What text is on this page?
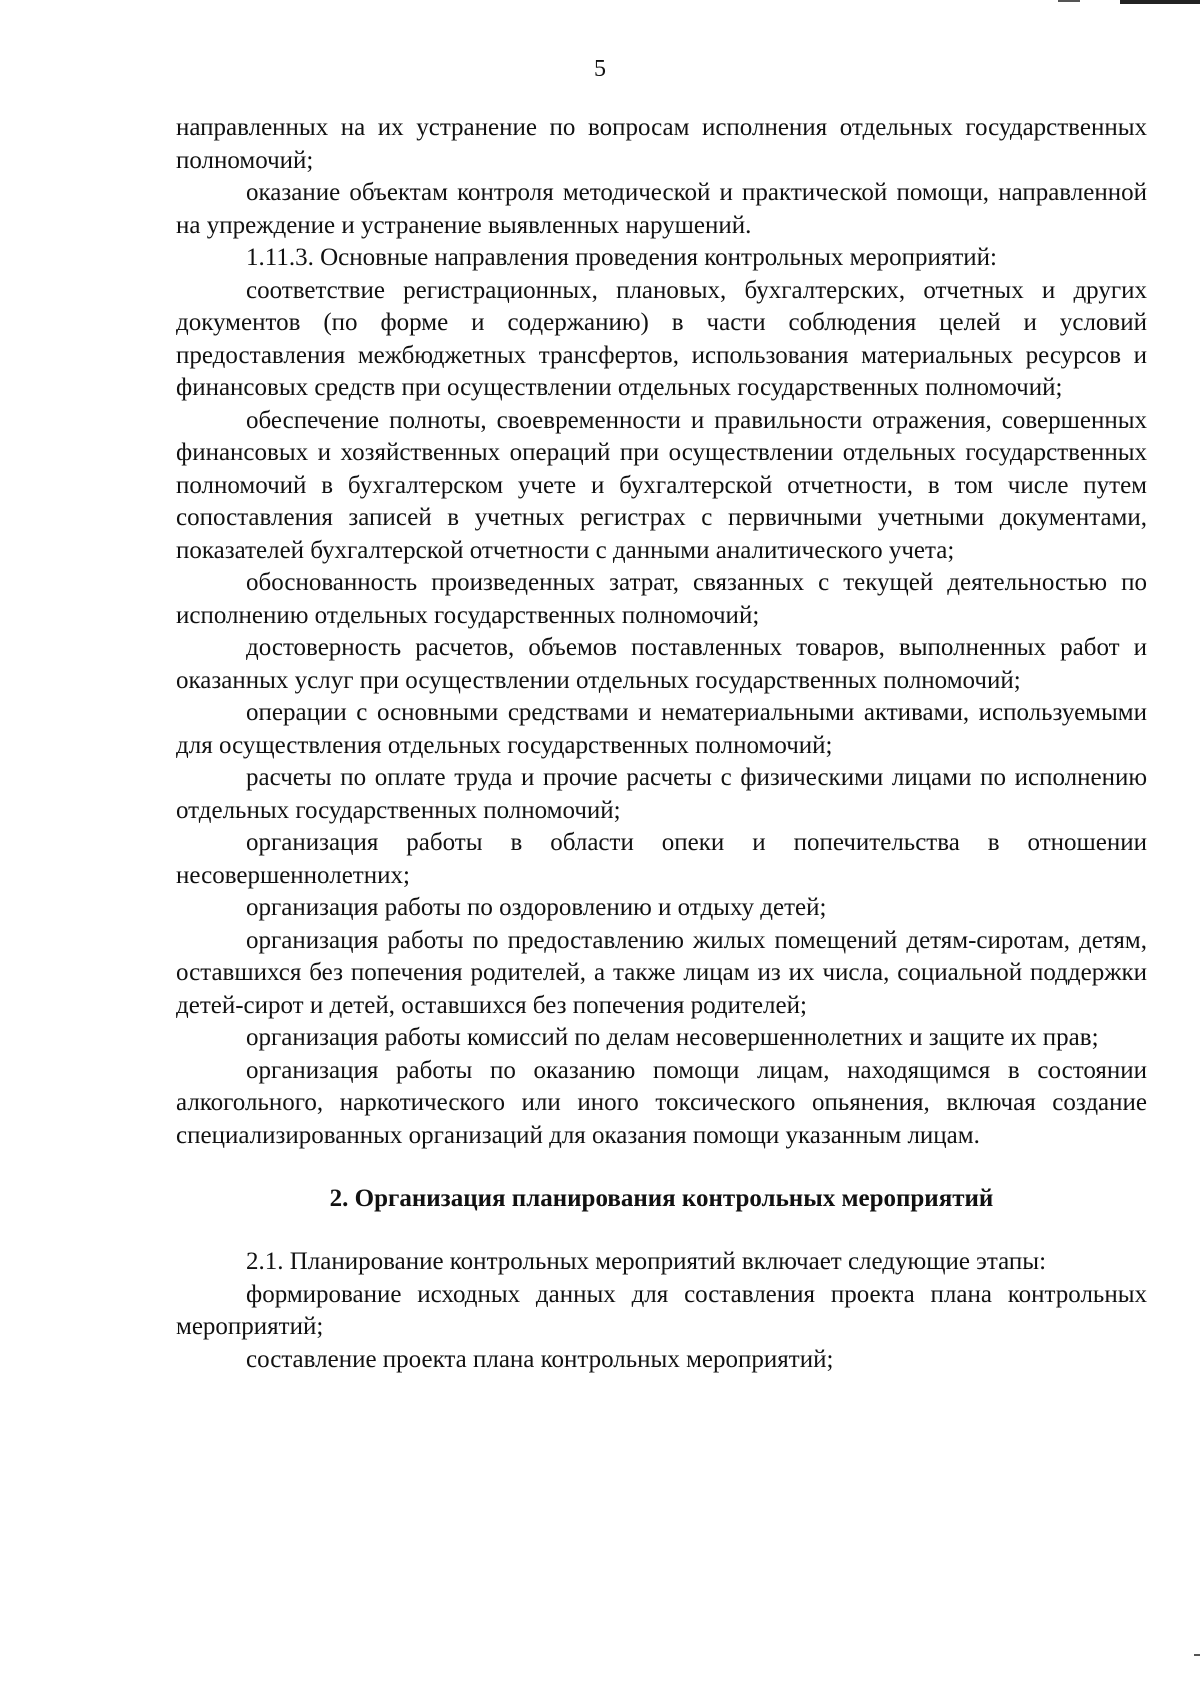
5

направленных на их устранение по вопросам исполнения отдельных государственных полномочий;

оказание объектам контроля методической и практической помощи, направленной на упреждение и устранение выявленных нарушений.

1.11.3. Основные направления проведения контрольных мероприятий:

соответствие регистрационных, плановых, бухгалтерских, отчетных и других документов (по форме и содержанию) в части соблюдения целей и условий предоставления межбюджетных трансфертов, использования материальных ресурсов и финансовых средств при осуществлении отдельных государственных полномочий;

обеспечение полноты, своевременности и правильности отражения, совершенных финансовых и хозяйственных операций при осуществлении отдельных государственных полномочий в бухгалтерском учете и бухгалтерской отчетности, в том числе путем сопоставления записей в учетных регистрах с первичными учетными документами, показателей бухгалтерской отчетности с данными аналитического учета;

обоснованность произведенных затрат, связанных с текущей деятельностью по исполнению отдельных государственных полномочий;

достоверность расчетов, объемов поставленных товаров, выполненных работ и оказанных услуг при осуществлении отдельных государственных полномочий;

операции с основными средствами и нематериальными активами, используемыми для осуществления отдельных государственных полномочий;

расчеты по оплате труда и прочие расчеты с физическими лицами по исполнению отдельных государственных полномочий;

организация работы в области опеки и попечительства в отношении несовершеннолетних;

организация работы по оздоровлению и отдыху детей;

организация работы по предоставлению жилых помещений детям-сиротам, детям, оставшихся без попечения родителей, а также лицам из их числа, социальной поддержки детей-сирот и детей, оставшихся без попечения родителей;

организация работы комиссий по делам несовершеннолетних и защите их прав;

организация работы по оказанию помощи лицам, находящимся в состоянии алкогольного, наркотического или иного токсического опьянения, включая создание специализированных организаций для оказания помощи указанным лицам.

2. Организация планирования контрольных мероприятий

2.1. Планирование контрольных мероприятий включает следующие этапы:

формирование исходных данных для составления проекта плана контрольных мероприятий;

составление проекта плана контрольных мероприятий;
